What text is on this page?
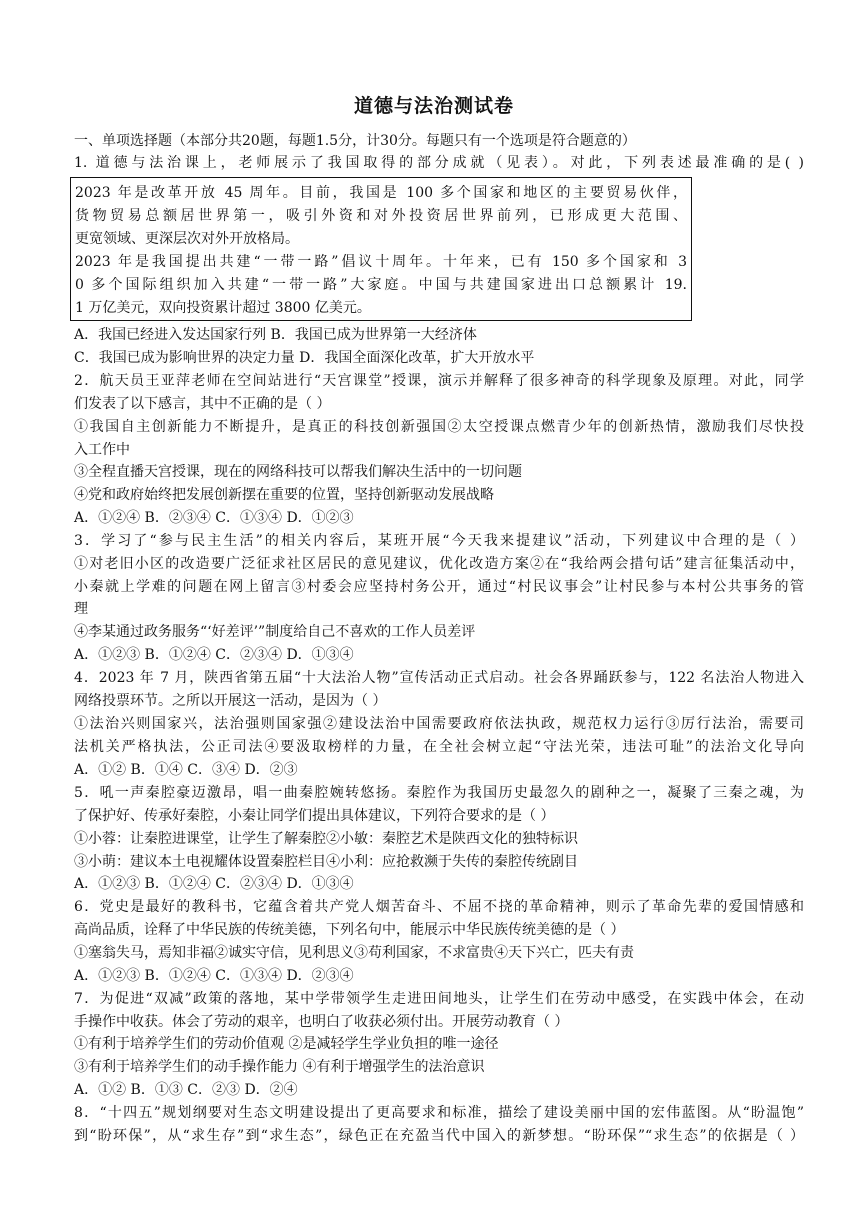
道德与法治测试卷
一、单项选择题（本部分共20题，每题1.5分，计30分。每题只有一个选项是符合题意的）
1. 道德与法治课上，老师展示了我国取得的部分成就（见表）。对此，下列表述最准确的是( )
2023 年是改革开放 45 周年。目前，我国是 100 多个国家和地区的主要贸易伙伴，
货物贸易总额居世界第一，吸引外资和对外投资居世界前列，已形成更大范围、
更宽领域、更深层次对外开放格局。
2023 年是我国提出共建“一带一路”倡议十周年。十年来，已有 150 多个国家和 3
0 多个国际组织加入共建“一带一路”大家庭。中国与共建国家进出口总额累计 19.
1 万亿美元，双向投资累计超过 3800 亿美元。
A．我国已经进入发达国家行列 B．我国已成为世界第一大经济体
C．我国已成为影响世界的决定力量 D．我国全面深化改革，扩大开放水平
2．航天员王亚萍老师在空间站进行“天宫课堂”授课，演示并解释了很多神奇的科学现象及原理。对此，同学
们发表了以下感言，其中不正确的是（ ）
①我国自主创新能力不断提升，是真正的科技创新强国②太空授课点燃青少年的创新热情，激励我们尽快投
入工作中
③全程直播天宫授课，现在的网络科技可以帮我们解决生活中的一切问题
④党和政府始终把发展创新摆在重要的位置，坚持创新驱动发展战略
A．①②④ B．②③④ C．①③④ D．①②③
3．学习了“参与民主生活”的相关内容后，某班开展“今天我来提建议”活动，下列建议中合理的是（ ）
①对老旧小区的改造要广泛征求社区居民的意见建议，优化改造方案②在“我给两会措句话”建言征集活动中，
小秦就上学难的问题在网上留言③村委会应坚持村务公开，通过“村民议事会”让村民参与本村公共事务的管
理
④李某通过政务服务“‘好差评’”制度给自己不喜欢的工作人员差评
A．①②③ B．①②④ C．②③④ D．①③④
4．2023 年 7 月，陕西省第五届“十大法治人物”宣传活动正式启动。社会各界踊跃参与，122 名法治人物进入
网络投票环节。之所以开展这一活动，是因为（ ）
①法治兴则国家兴，法治强则国家强②建设法治中国需要政府依法执政，规范权力运行③厉行法治，需要司
法机关严格执法，公正司法④要汲取榜样的力量，在全社会树立起“守法光荣，违法可耻”的法治文化导向
A．①② B．①④ C．③④ D．②③
5．吼一声秦腔豪迈激昂，唱一曲秦腔婉转悠扬。秦腔作为我国历史最忽久的剧种之一，凝聚了三秦之魂，为
了保护好、传承好秦腔，小秦让同学们提出具体建议，下列符合要求的是（ ）
①小蓉：让秦腔进课堂，让学生了解秦腔②小敏：秦腔艺术是陕西文化的独特标识
③小萌：建议本土电视耀体设置秦腔栏目④小利：应抢救濒于失传的秦腔传统剧目
A．①②③ B．①②④ C．②③④ D．①③④
6．党史是最好的教科书，它蕴含着共产党人烟苦奋斗、不屈不挠的革命精神，则示了革命先辈的爱国情感和
高尚品质，诠释了中华民族的传统美德，下列名句中，能展示中华民族传统美德的是（ ）
①塞翁失马，焉知非福②诚实守信，见利思义③苟利国家，不求富贵④天下兴亡，匹夫有责
A．①②③ B．①②④ C．①③④ D．②③④
7．为促进“双减”政策的落地，某中学带领学生走进田间地头，让学生们在劳动中感受，在实践中体会，在动
手操作中收获。体会了劳动的艰辛，也明白了收获必须付出。开展劳动教育（ ）
①有利于培养学生们的劳动价值观 ②是减轻学生学业负担的唯一途径
③有利于培养学生们的动手操作能力 ④有利于增强学生的法治意识
A．①② B．①③ C．②③ D．②④
8．“十四五”规划纲要对生态文明建设提出了更高要求和标准，描绘了建设美丽中国的宏伟蓝图。从“盼温饱”
到“盼环保”，从“求生存”到“求生态”，绿色正在充盈当代中国入的新梦想。“盼环保”“求生态”的依据是（ ）
